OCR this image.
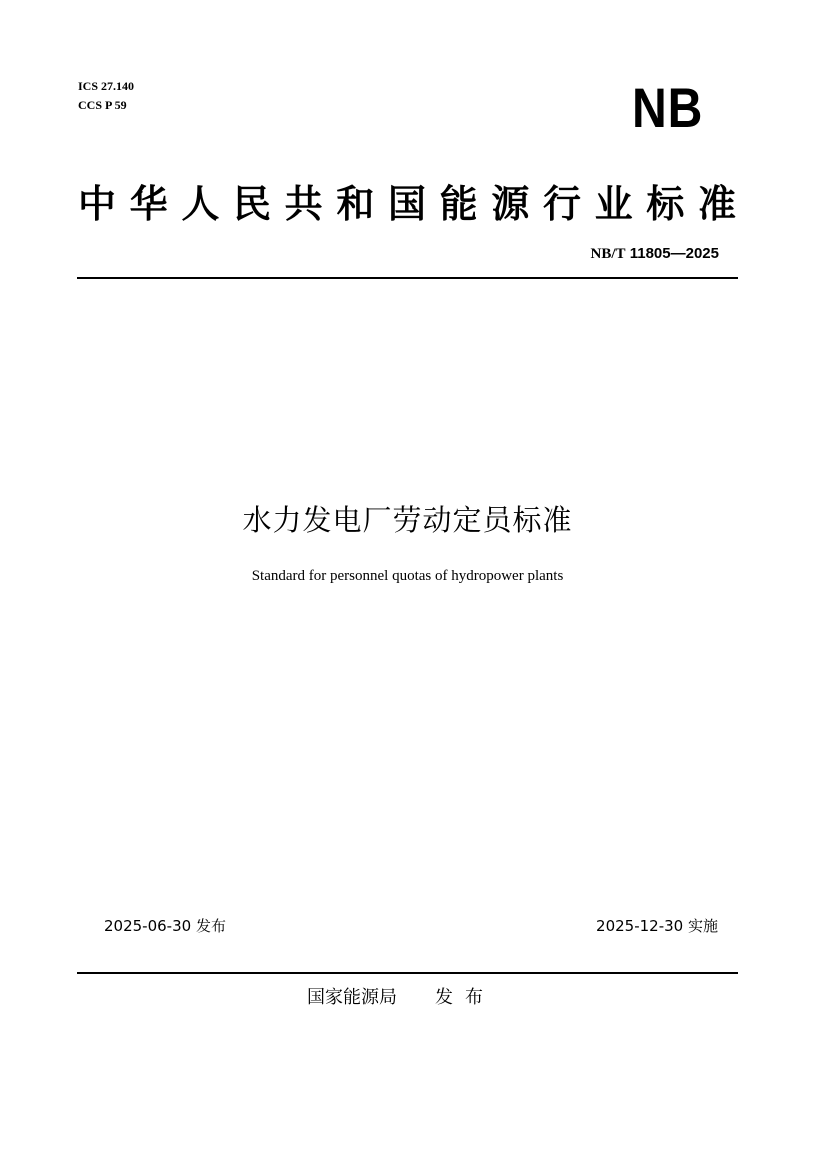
ICS 27.140
CCS P 59	NB
中华人民共和国能源行业标准
NB/T 11805—2025
水力发电厂劳动定员标准
Standard for personnel quotas of hydropower plants
2025-06-30 发布	2025-12-30 实施
国家能源局 发布
